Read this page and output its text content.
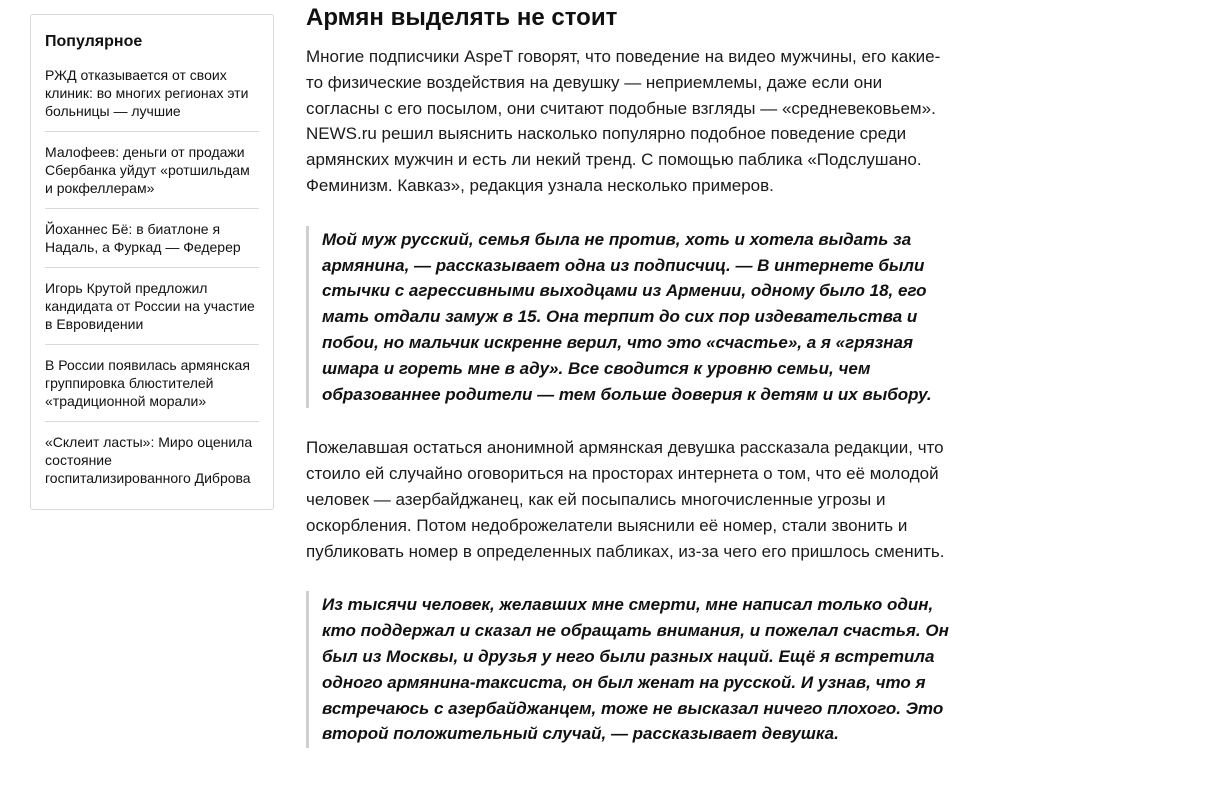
Популярное
РЖД отказывается от своих клиник: во многих регионах эти больницы — лучшие
Малофеев: деньги от продажи Сбербанка уйдут «ротшильдам и рокфеллерам»
Йоханнес Бё: в биатлоне я Надаль, а Фуркад — Федерер
Игорь Крутой предложил кандидата от России на участие в Евровидении
В России появилась армянская группировка блюстителей «традиционной морали»
«Склеит ласты»: Миро оценила состояние госпитализированного Диброва
Армян выделять не стоит

Многие подписчики AspeT говорят, что поведение на видео мужчины, его какие-то физические воздействия на девушку — неприемлемы, даже если они согласны с его посылом, они считают подобные взгляды — «средневековьем». NEWS.ru решил выяснить насколько популярно подобное поведение среди армянских мужчин и есть ли некий тренд. С помощью паблика «Подслушано. Феминизм. Кавказ», редакция узнала несколько примеров.

Мой муж русский, семья была не против, хоть и хотела выдать за армянина, — рассказывает одна из подписчиц. — В интернете были стычки с агрессивными выходцами из Армении, одному было 18, его мать отдали замуж в 15. Она терпит до сих пор издевательства и побои, но мальчик искренне верил, что это «счастье», а я «грязная шмара и гореть мне в аду». Все сводится к уровню семьи, чем образованнее родители — тем больше доверия к детям и их выбору.

Пожелавшая остаться анонимной армянская девушка рассказала редакции, что стоило ей случайно оговориться на просторах интернета о том, что её молодой человек — азербайджанец, как ей посыпались многочисленные угрозы и оскорбления. Потом недоброжелатели выяснили её номер, стали звонить и публиковать номер в определенных пабликах, из-за чего его пришлось сменить.

Из тысячи человек, желавших мне смерти, мне написал только один, кто поддержал и сказал не обращать внимания, и пожелал счастья. Он был из Москвы, и друзья у него были разных наций. Ещё я встретила одного армянина-таксиста, он был женат на русской. И узнав, что я встречаюсь с азербайджанцем, тоже не высказал ничего плохого. Это второй положительный случай, — рассказывает девушка.
